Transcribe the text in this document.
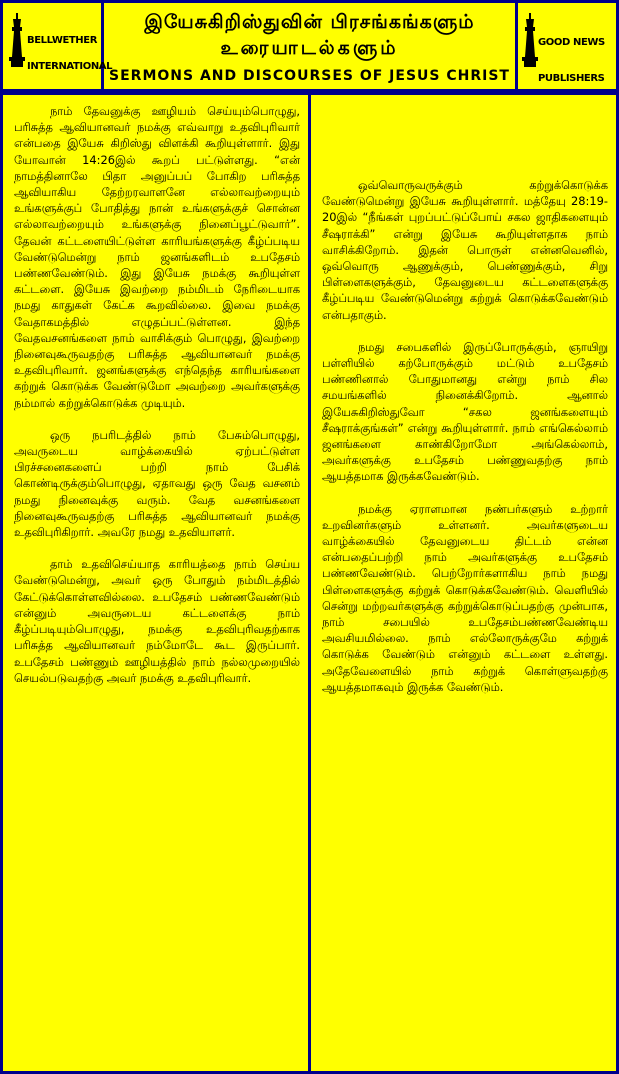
BELLWETHER

INTERNATIONAL

இயேசுகிறிஸ்துவின் பிரசங்கங்களும்
உரையாடல்களும்
SERMONS AND DISCOURSES OF JESUS CHRIST

GOOD NEWS

PUBLISHERS

நாம் தேவனுக்கு ஊழியம் செய்யும்பொழுது, பரிசுத்த ஆவியானவர் நமக்கு எவ்வாறு உதவிபுரிவார் என்பதை இயேசு கிறிஸ்து விளக்கி கூறியுள்ளார். இது யோவான் 14:26இல் கூறப் பட்டுள்ளது. “என் நாமத்தினாலே பிதா அனுப்பப் போகிற பரிசுத்த ஆவியாகிய தேற்றரவாளனே எல்லாவற்றையும் உங்களுக்குப் போதித்து நான் உங்களுக்குச் சொன்ன எல்லாவற்றையும் உங்களுக்கு நினைப்பூட்டுவார்”. தேவன் கட்டளையிட்டுள்ள காரியங்களுக்கு கீழ்ப்படிய வேண்டுமென்று நாம் ஜனங்களிடம் உபதேசம் பண்ணவேண்டும். இது இயேசு நமக்கு கூறியுள்ள கட்டளை. இயேசு இவற்றை நம்மிடம் நேரிடையாக நமது காதுகள் கேட்க கூறவில்லை. இவை நமக்கு வேதாகமத்தில் எழுதப்பட்டுள்ளன. இந்த வேதவசனங்களை நாம் வாசிக்கும் பொழுது, இவற்றை நினைவுகூருவதற்கு பரிசுத்த ஆவியானவர் நமக்கு உதவிபுரிவார். ஜனங்களுக்கு எந்தெந்த காரியங்களை கற்றுக் கொடுக்க வேண்டுமோ அவற்றை அவர்களுக்கு நம்மால் கற்றுக்கொடுக்க முடியும்.

ஒரு நபரிடத்தில் நாம் பேசும்பொழுது, அவருடைய வாழ்க்கையில் ஏற்பட்டுள்ள பிரச்சனைகளைப் பற்றி நாம் பேசிக் கொண்டிருக்கும்பொழுது, ஏதாவது ஒரு வேத வசனம் நமது நினைவுக்கு வரும். வேத வசனங்களை நினைவுகூருவதற்கு பரிசுத்த ஆவியானவர் நமக்கு உதவிபுரிகிறார். அவரே நமது உதவியாளர்.

தாம் உதவிசெய்யாத காரியத்தை நாம் செய்ய வேண்டுமென்று, அவர் ஒரு போதும் நம்மிடத்தில் கேட்டுக்கொள்ளவில்லை. உபதேசம் பண்ணவேண்டும் என்னும் அவருடைய கட்டளைக்கு நாம் கீழ்ப்படியும்பொழுது, நமக்கு உதவிபுரிவதற்காக பரிசுத்த ஆவியானவர் நம்மோடே கூட இருப்பார். உபதேசம் பண்ணும் ஊழியத்தில் நாம் நல்லமுறையில் செயல்படுவதற்கு அவர் நமக்கு உதவிபுரிவார்.

ஒவ்வொருவருக்கும் கற்றுக்கொடுக்க வேண்டுமென்று இயேசு கூறியுள்ளார். மத்தேயு 28:19-20இல் “நீங்கள் புறப்பட்டுப்போய் சகல ஜாதிகளையும் சீஷராக்கி” என்று இயேசு கூறியுள்ளதாக நாம் வாசிக்கிறோம். இதன் பொருள் என்னவெனில், ஒவ்வொரு ஆணுக்கும், பெண்ணுக்கும், சிறு பிள்ளைகளுக்கும், தேவனுடைய கட்டளைகளுக்கு கீழ்ப்படிய வேண்டுமென்று கற்றுக் கொடுக்கவேண்டும் என்பதாகும்.

நமது சபைகளில் இருப்போருக்கும், ஞாயிறு பள்ளியில் கற்போருக்கும் மட்டும் உபதேசம் பண்ணினால் போதுமானது என்று நாம் சில சமயங்களில் நினைக்கிறோம். ஆனால் இயேசுகிறிஸ்துவோ “சகல ஜனங்களையும் சீஷராக்குங்கள்” என்று கூறியுள்ளார். நாம் எங்கெல்லாம் ஜனங்களை காண்கிறோமோ அங்கெல்லாம், அவர்களுக்கு உபதேசம் பண்ணுவதற்கு நாம் ஆயத்தமாக இருக்கவேண்டும்.

நமக்கு ஏராளமான நண்பர்களும் உற்றார் உறவினர்களும் உள்ளனர். அவர்களுடைய வாழ்க்கையில் தேவனுடைய திட்டம் என்ன என்பதைப்பற்றி நாம் அவர்களுக்கு உபதேசம் பண்ணவேண்டும். பெற்றோர்களாகிய நாம் நமது பிள்ளைகளுக்கு கற்றுக் கொடுக்கவேண்டும். வெளியில் சென்று மற்றவர்களுக்கு கற்றுக்கொடுப்பதற்கு முன்பாக, நாம் சபையில் உபதேசம்பண்ணவேண்டிய அவசியமில்லை. நாம் எல்லோருக்குமே கற்றுக் கொடுக்க வேண்டும் என்னும் கட்டளை உள்ளது. அதேவேளையில் நாம் கற்றுக் கொள்ளுவதற்கு ஆயத்தமாகவும் இருக்க வேண்டும்.
